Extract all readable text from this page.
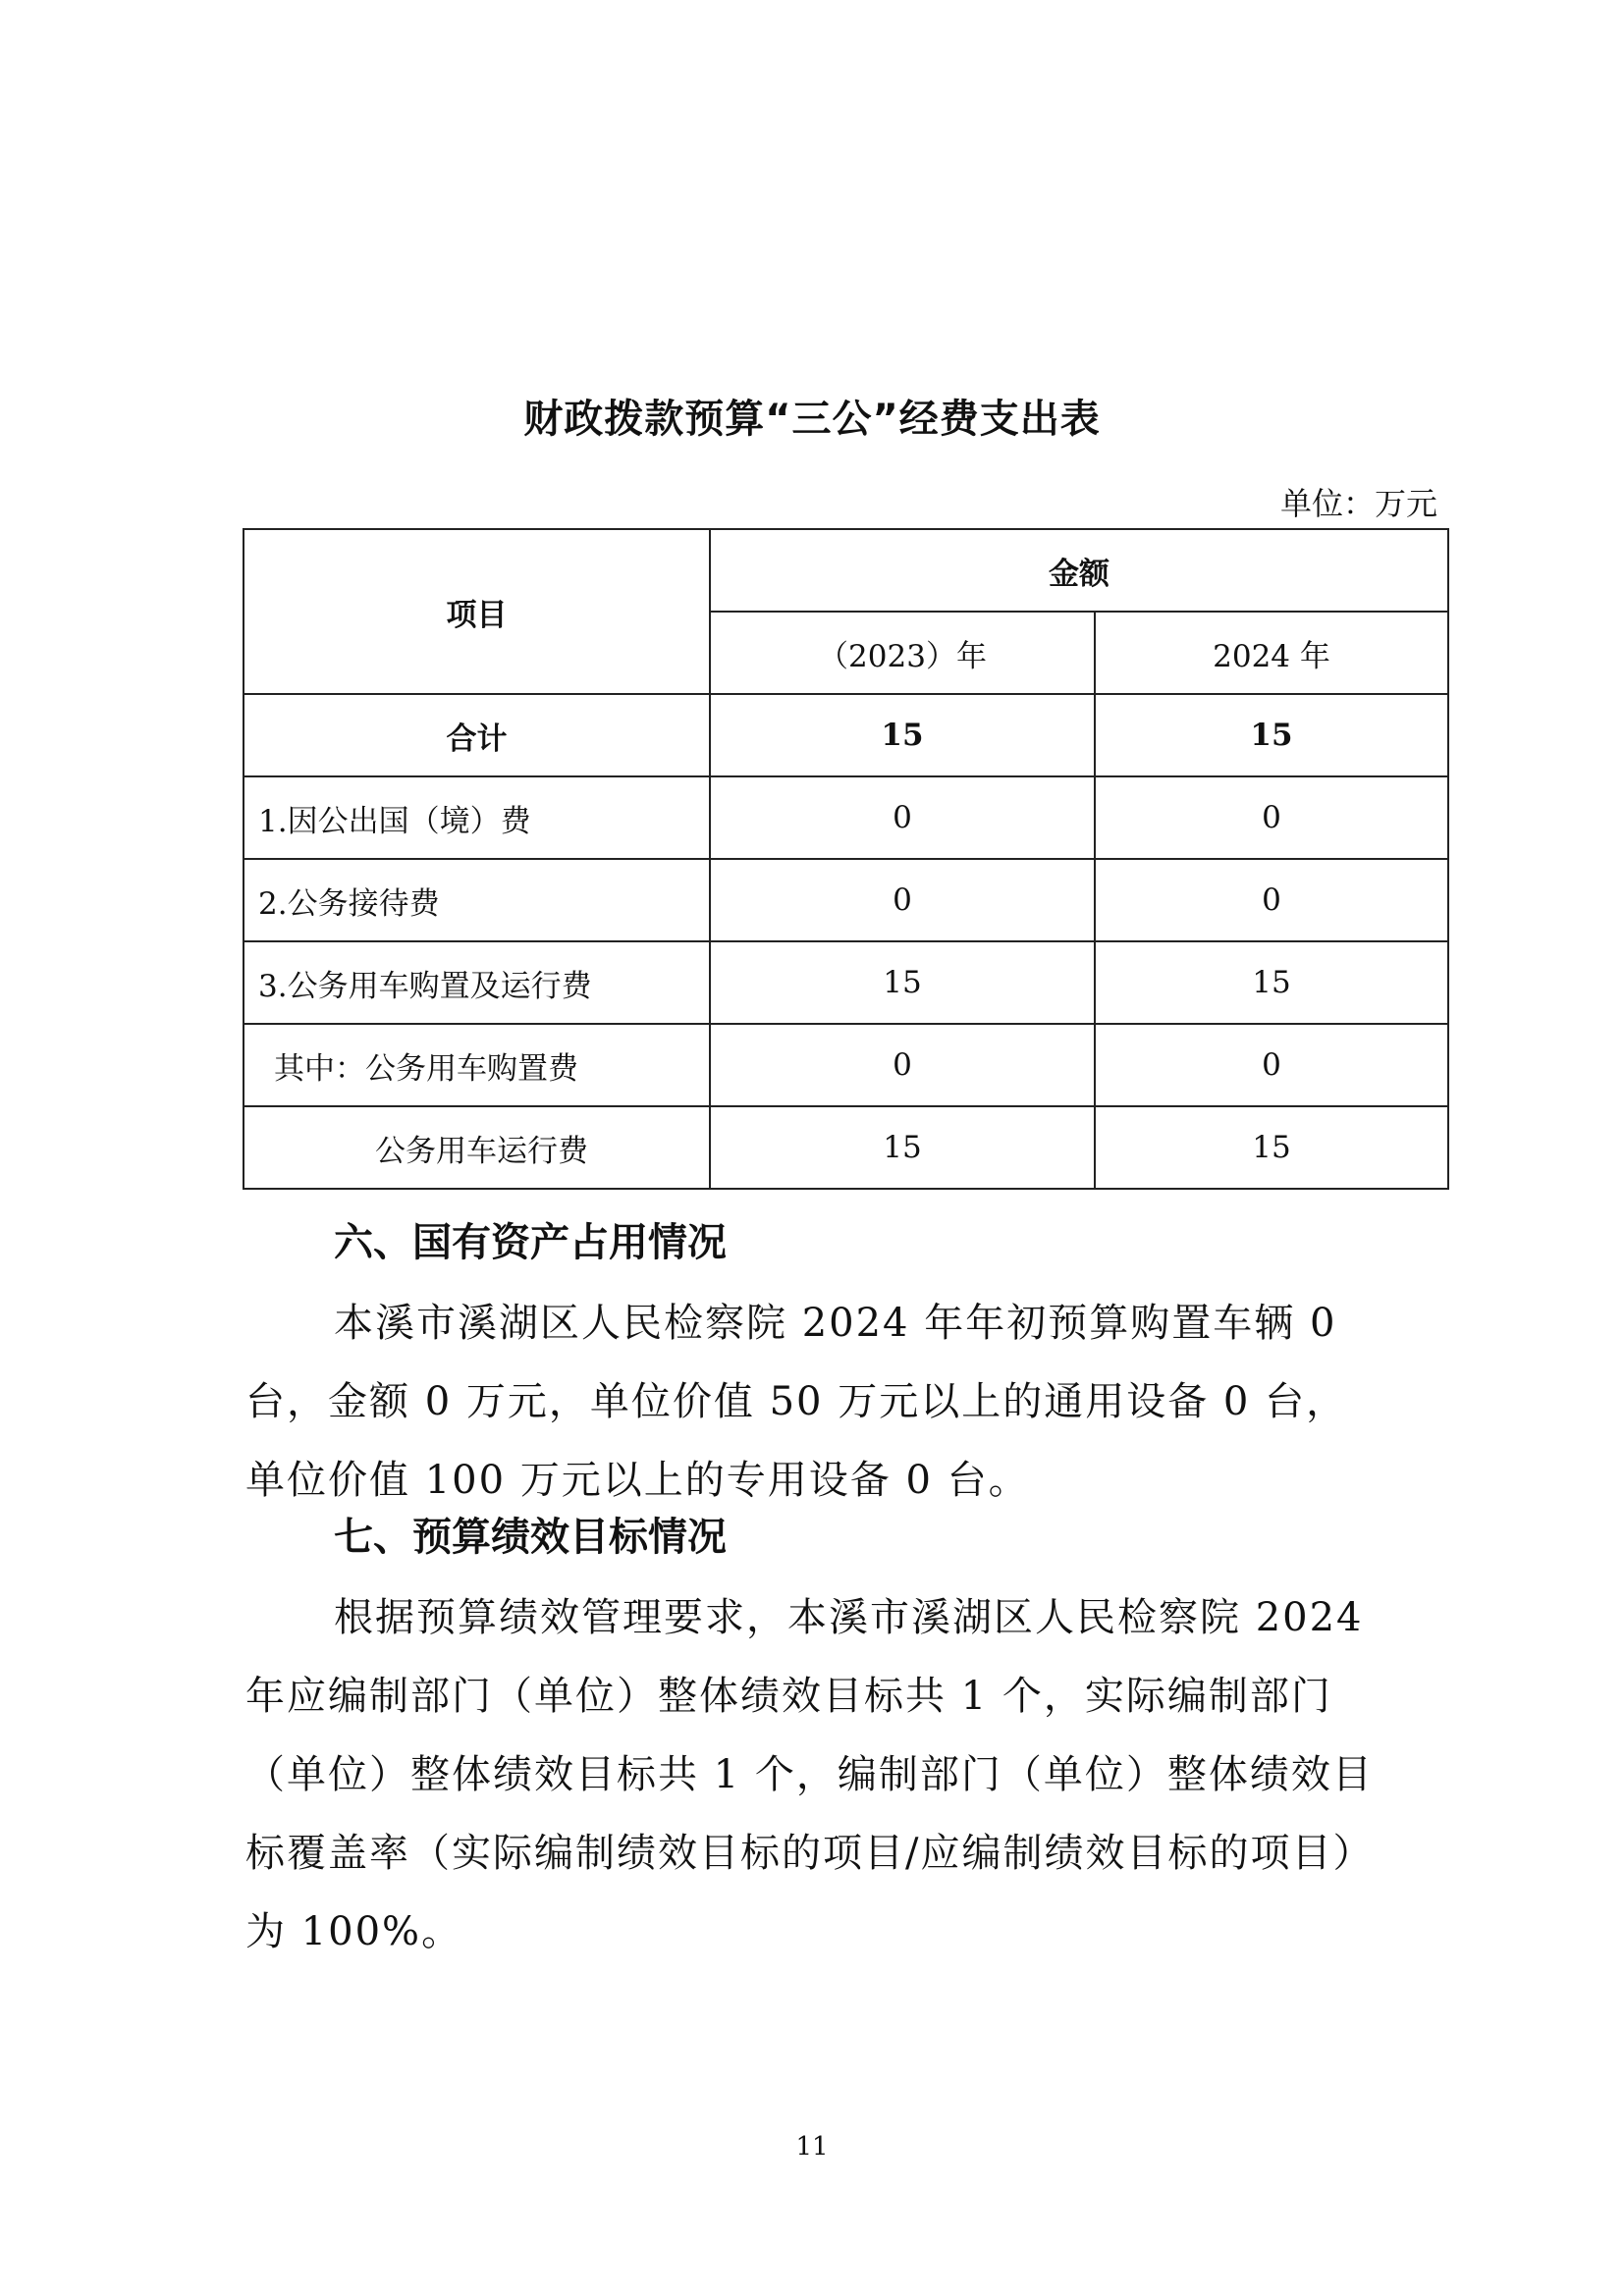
财政拨款预算“三公”经费支出表
单位：万元
项目	金额	
	（2023）年	2024 年
合计	15	15
1.因公出国（境）费	0	0
2.公务接待费	0	0
3.公务用车购置及运行费	15	15
其中：公务用车购置费	0	0
公务用车运行费	15	15
六、国有资产占用情况
本溪市溪湖区人民检察院 2024 年年初预算购置车辆 0 台，金额 0 万元，单位价值 50 万元以上的通用设备 0 台，单位价值 100 万元以上的专用设备 0 台。
七、预算绩效目标情况
根据预算绩效管理要求，本溪市溪湖区人民检察院 2024 年应编制部门（单位）整体绩效目标共 1 个，实际编制部门（单位）整体绩效目标共 1 个，编制部门（单位）整体绩效目标覆盖率（实际编制绩效目标的项目/应编制绩效目标的项目）为 100%。
11
